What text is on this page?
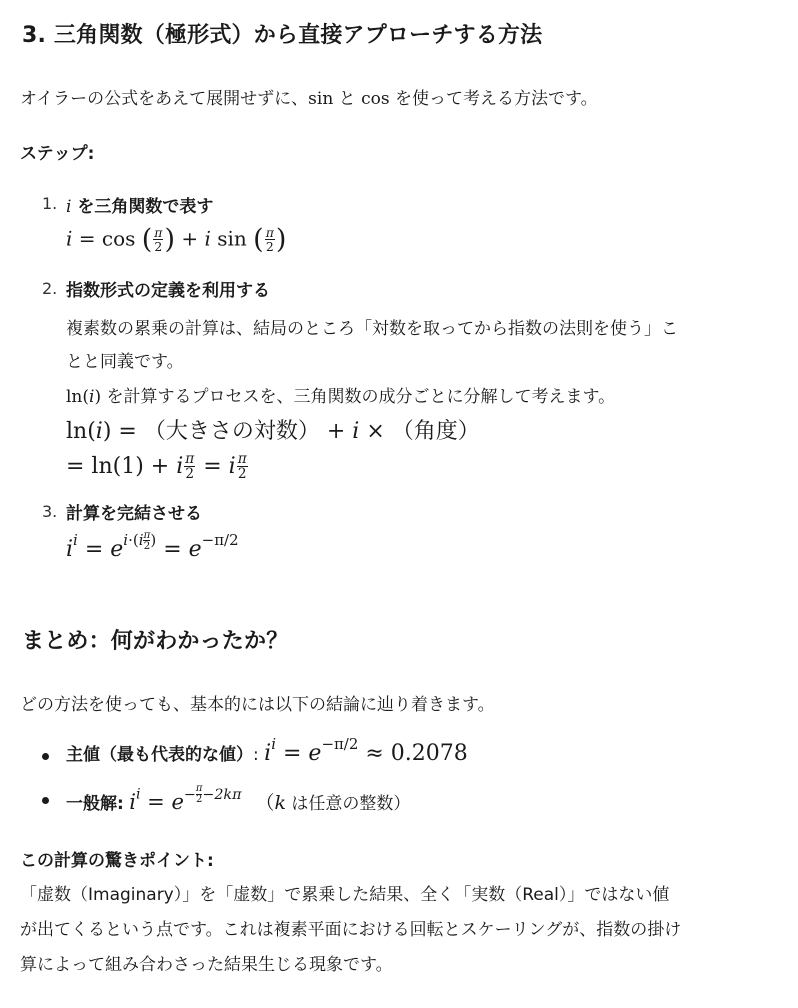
3. 三角関数（極形式）から直接アプローチする方法
オイラーの公式をあえて展開せずに、sin と cos を使って考える方法です。
ステップ:
1. i を三角関数で表す
i = cos ( $\frac{\pi}{2}$ ) + i sin ( $\frac{\pi}{2}$ )
2. 指数形式の定義を利用する
複素数の累乗の計算は、結局のところ「対数を取ってから指数の法則を使う」こ
とと同義です。
ln(i) を計算するプロセスを、三角関数の成分ごとに分解して考えます。
ln(i) = （大きさの対数） + i × （角度）
= ln(1) + i $\frac{\pi}{2} = i \frac{\pi}{2}$
3. 計算を完結させる
$i^i = e^{i\cdot(i \frac{\pi}{2} )} = e^{-\pi/2}$
まとめ：何がわかったか？
どの方法を使っても、基本的には以下の結論に辿り着きます。
主値（最も代表的な値）: $i^i = e^{-\pi/2} \approx 0.2078$
一般解: $i^i = e^{- \frac{\pi}{2} -2k\pi}$ （k は任意の整数）
この計算の驚きポイント:
「虚数（Imaginary）」を「虚数」で累乗した結果、全く「実数（Real）」ではない値
が出てくるという点です。これは複素平面における回転とスケーリングが、指数の掛け
算によって組み合わさった結果生じる現象です。
